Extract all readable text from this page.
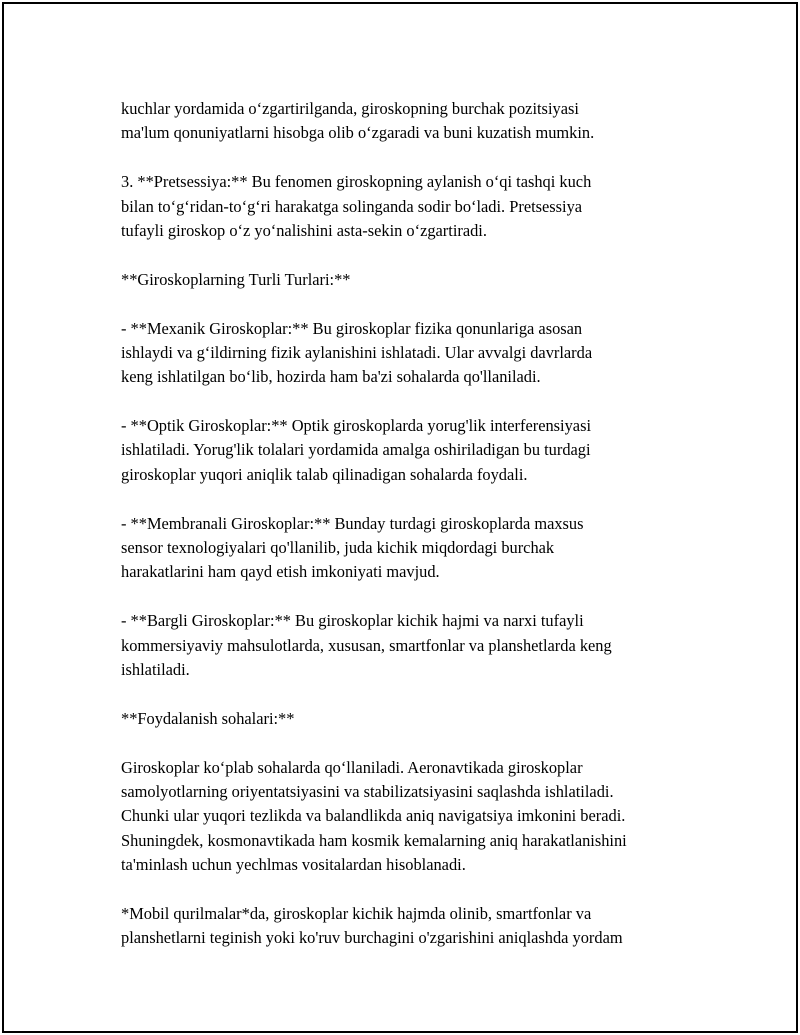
kuchlar yordamida o‘zgartirilganda, giroskopning burchak pozitsiyasi
ma'lum qonuniyatlarni hisobga olib o‘zgaradi va buni kuzatish mumkin.

3. **Pretsessiya:** Bu fenomen giroskopning aylanish o‘qi tashqi kuch
bilan to‘g‘ridan-to‘g‘ri harakatga solinganda sodir bo‘ladi. Pretsessiya
tufayli giroskop o‘z yo‘nalishini asta-sekin o‘zgartiradi.

**Giroskoplarning Turli Turlari:**

- **Mexanik Giroskoplar:** Bu giroskoplar fizika qonunlariga asosan
ishlaydi va g‘ildirning fizik aylanishini ishlatadi. Ular avvalgi davrlarda
keng ishlatilgan bo‘lib, hozirda ham ba'zi sohalarda qo'llaniladi.

- **Optik Giroskoplar:** Optik giroskoplarda yorug'lik interferensiyasi
ishlatiladi. Yorug'lik tolalari yordamida amalga oshiriladigan bu turdagi
giroskoplar yuqori aniqlik talab qilinadigan sohalarda foydali.

- **Membranali Giroskoplar:** Bunday turdagi giroskoplarda maxsus
sensor texnologiyalari qo'llanilib, juda kichik miqdordagi burchak
harakatlarini ham qayd etish imkoniyati mavjud.

- **Bargli Giroskoplar:** Bu giroskoplar kichik hajmi va narxi tufayli
kommersiyaviy mahsulotlarda, xususan, smartfonlar va planshetlarda keng
ishlatiladi.

**Foydalanish sohalari:**

Giroskoplar ko‘plab sohalarda qo‘llaniladi. Aeronavtikada giroskoplar
samolyotlarning oriyentatsiyasini va stabilizatsiyasini saqlashda ishlatiladi.
Chunki ular yuqori tezlikda va balandlikda aniq navigatsiya imkonini beradi.
Shuningdek, kosmonavtikada ham kosmik kemalarning aniq harakatlanishini
ta'minlash uchun yechlmas vositalardan hisoblanadi.

*Mobil qurilmalar*da, giroskoplar kichik hajmda olinib, smartfonlar va
planshetlarni teginish yoki ko'ruv burchagini o'zgarishini aniqlashda yordam
